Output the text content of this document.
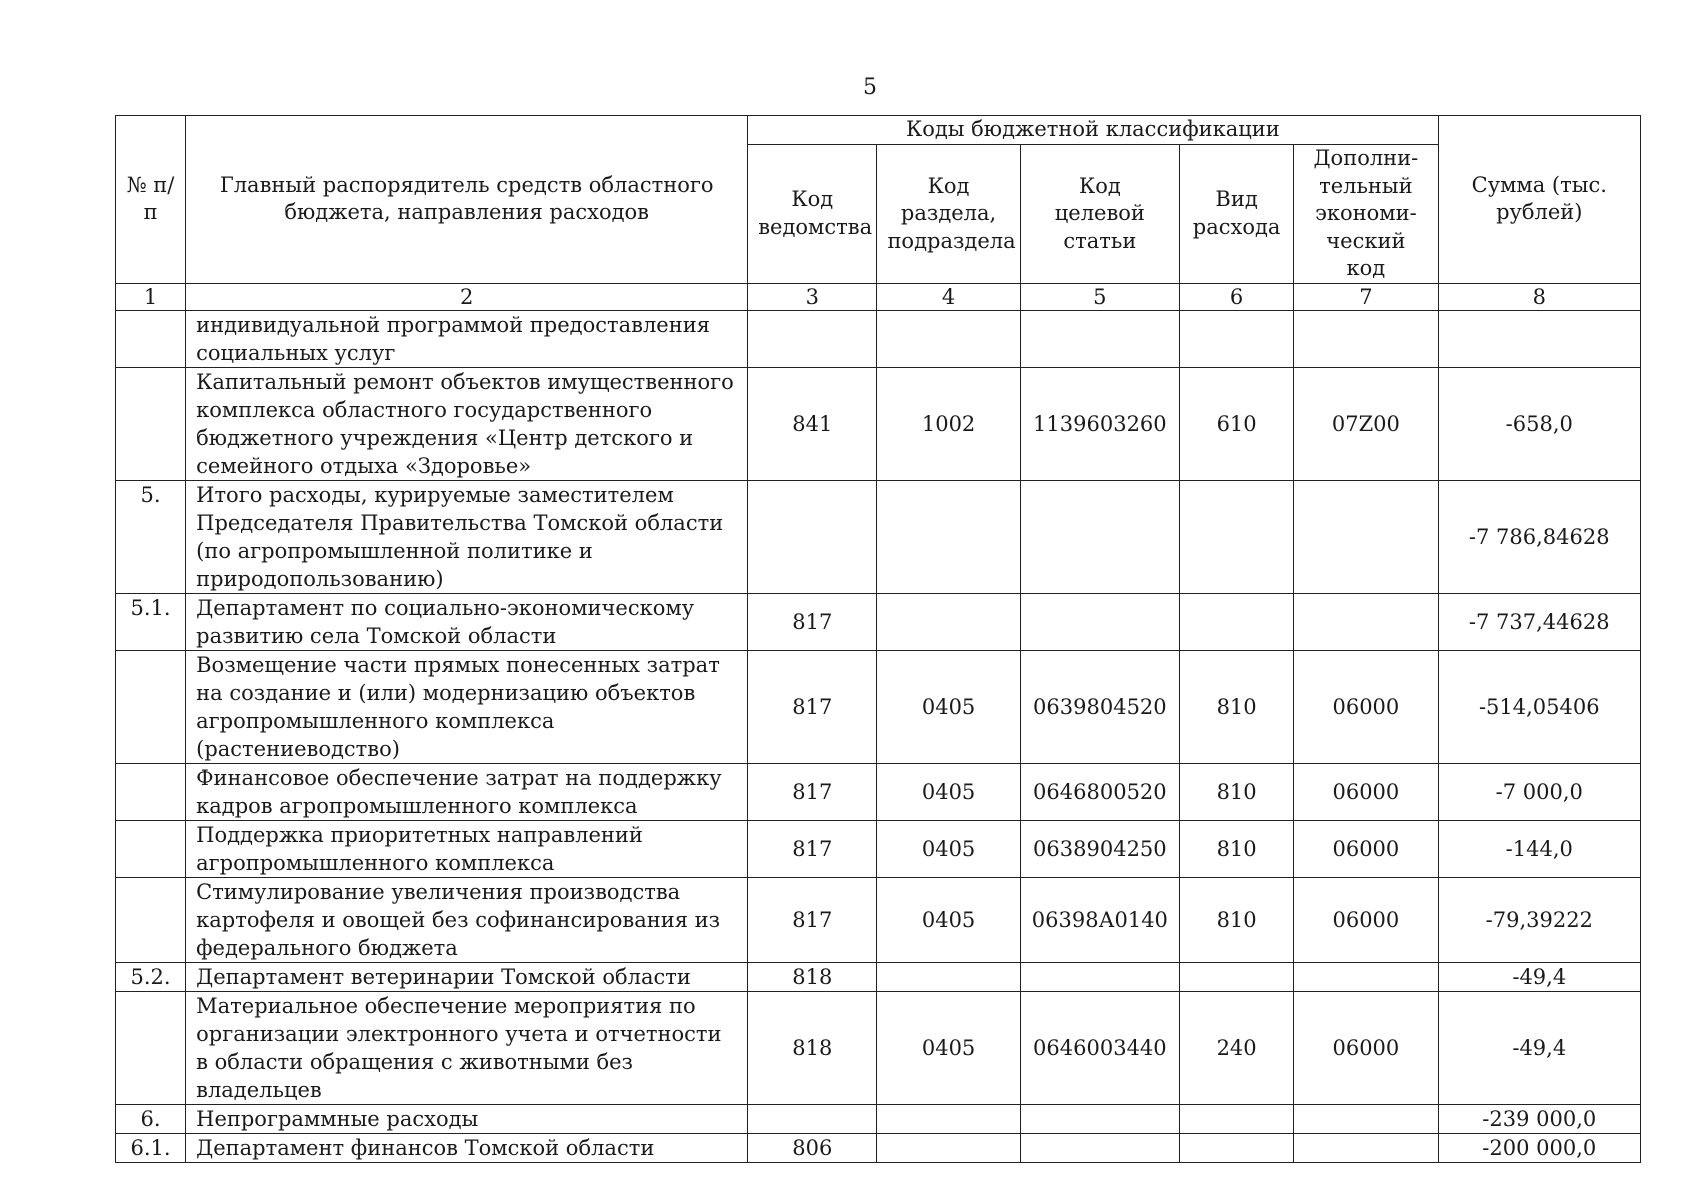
5
№ п/п	Главный распорядитель средств областного бюджета, направления расходов	Коды бюджетной классификации					Сумма (тыс. рублей)
		Код ведомства	Код раздела, подраздела	Код целевой статьи	Вид расхода	Дополни-тельный экономи-ческий код	
1	2	3	4	5	6	7	8
	индивидуальной программой предоставления социальных услуг						
	Капитальный ремонт объектов имущественного комплекса областного государственного бюджетного учреждения «Центр детского и семейного отдыха «Здоровье»	841	1002	1139603260	610	07Z00	-658,0
5.	Итого расходы, курируемые заместителем Председателя Правительства Томской области (по агропромышленной политике и природопользованию)						-7 786,84628
5.1.	Департамент по социально-экономическому развитию села Томской области	817					-7 737,44628
	Возмещение части прямых понесенных затрат на создание и (или) модернизацию объектов агропромышленного комплекса (растениеводство)	817	0405	0639804520	810	06000	-514,05406
	Финансовое обеспечение затрат на поддержку кадров агропромышленного комплекса	817	0405	0646800520	810	06000	-7 000,0
	Поддержка приоритетных направлений агропромышленного комплекса	817	0405	0638904250	810	06000	-144,0
	Стимулирование увеличения производства картофеля и овощей без софинансирования из федерального бюджета	817	0405	06398А0140	810	06000	-79,39222
5.2.	Департамент ветеринарии Томской области	818					-49,4
	Материальное обеспечение мероприятия по организации электронного учета и отчетности в области обращения с животными без владельцев	818	0405	0646003440	240	06000	-49,4
6.	Непрограммные расходы						-239 000,0
6.1.	Департамент финансов Томской области	806					-200 000,0
